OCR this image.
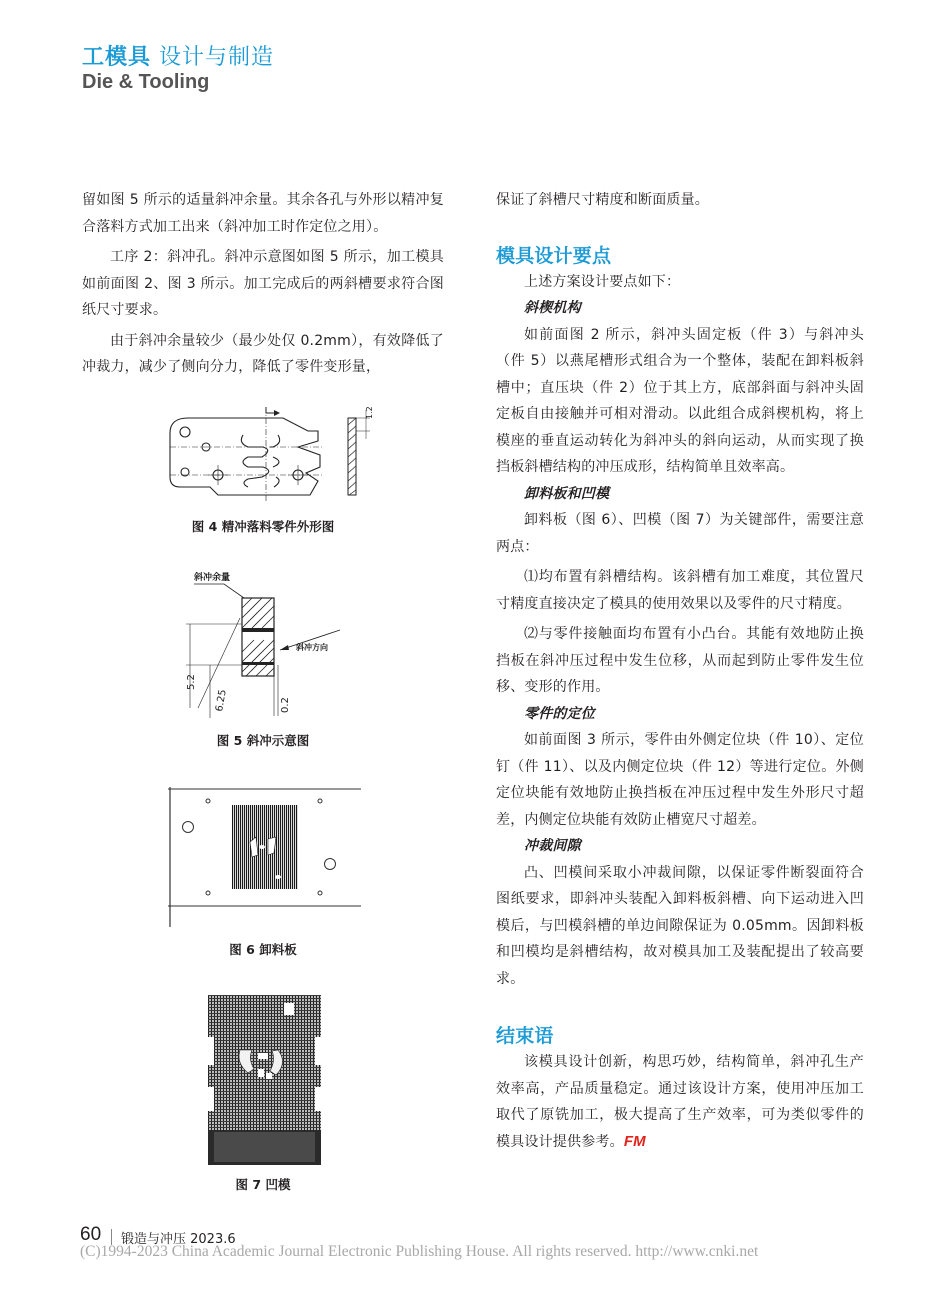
工模具 设计与制造
Die & Tooling

留如图 5 所示的适量斜冲余量。其余各孔与外形以精冲复合落料方式加工出来（斜冲加工时作定位之用）。

工序 2：斜冲孔。斜冲示意图如图 5 所示，加工模具如前面图 2、图 3 所示。加工完成后的两斜槽要求符合图纸尺寸要求。

由于斜冲余量较少（最少处仅 0.2mm），有效降低了冲裁力，减少了侧向分力，降低了零件变形量，

1.2
图 4 精冲落料零件外形图
斜冲余量
斜冲方向
5.2
6.25	0.2
图 5 斜冲示意图
图 6 卸料板
图 7 凹模

保证了斜槽尺寸精度和断面质量。

模具设计要点

上述方案设计要点如下：

斜楔机构

如前面图 2 所示，斜冲头固定板（件 3）与斜冲头（件 5）以燕尾槽形式组合为一个整体，装配在卸料板斜槽中；直压块（件 2）位于其上方，底部斜面与斜冲头固定板自由接触并可相对滑动。以此组合成斜楔机构，将上模座的垂直运动转化为斜冲头的斜向运动，从而实现了换挡板斜槽结构的冲压成形，结构简单且效率高。

卸料板和凹模

卸料板（图 6）、凹模（图 7）为关键部件，需要注意两点：

⑴均布置有斜槽结构。该斜槽有加工难度，其位置尺寸精度直接决定了模具的使用效果以及零件的尺寸精度。

⑵与零件接触面均布置有小凸台。其能有效地防止换挡板在斜冲压过程中发生位移，从而起到防止零件发生位移、变形的作用。

零件的定位

如前面图 3 所示，零件由外侧定位块（件 10）、定位钉（件 11）、以及内侧定位块（件 12）等进行定位。外侧定位块能有效地防止换挡板在冲压过程中发生外形尺寸超差，内侧定位块能有效防止槽宽尺寸超差。

冲裁间隙

凸、凹模间采取小冲裁间隙，以保证零件断裂面符合图纸要求，即斜冲头装配入卸料板斜槽、向下运动进入凹模后，与凹模斜槽的单边间隙保证为 0.05mm。因卸料板和凹模均是斜槽结构，故对模具加工及装配提出了较高要求。

结束语

该模具设计创新，构思巧妙，结构简单，斜冲孔生产效率高，产品质量稳定。通过该设计方案，使用冲压加工取代了原铣加工，极大提高了生产效率，可为类似零件的模具设计提供参考。FM

60 锻造与冲压 2023.6
(C)1994-2023 China Academic Journal Electronic Publishing House. All rights reserved. http://www.cnki.net
